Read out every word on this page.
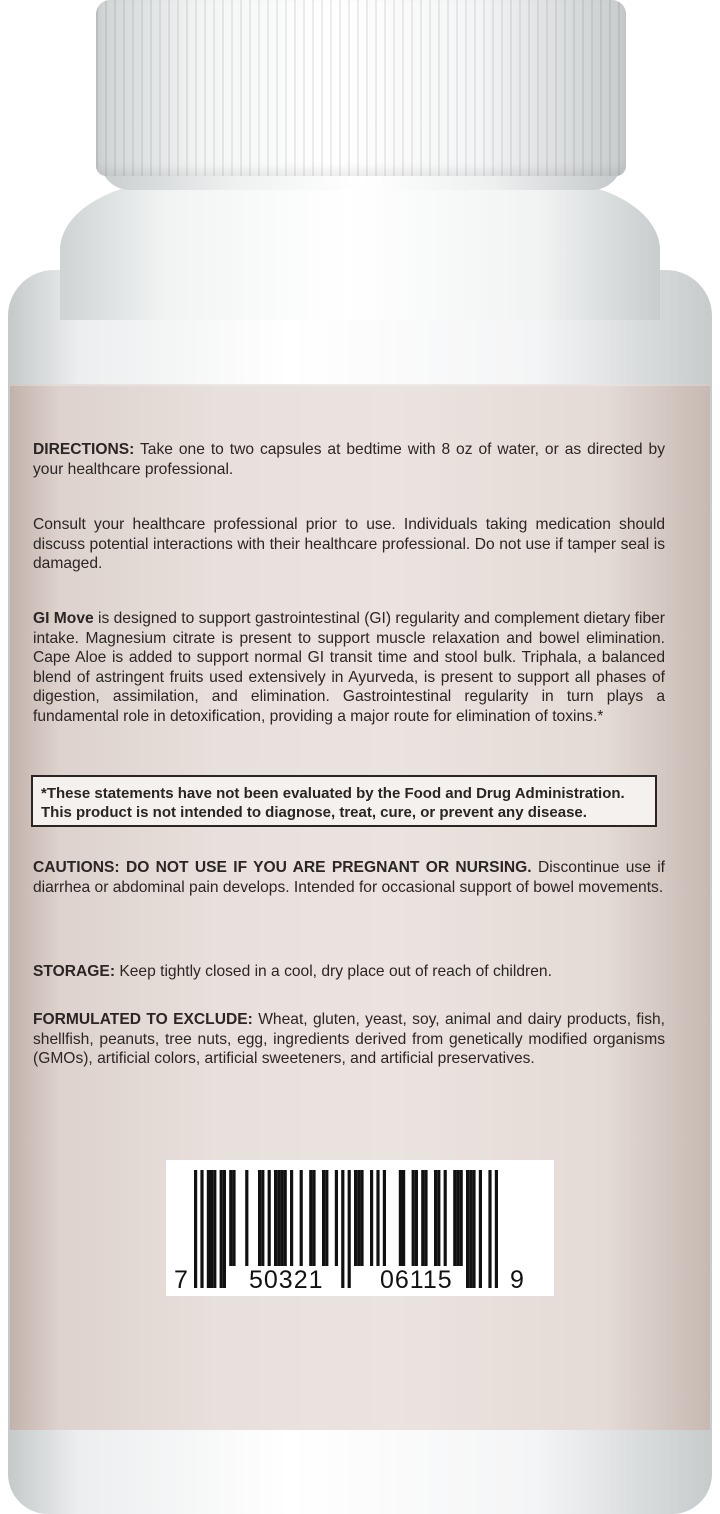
DIRECTIONS: Take one to two capsules at bedtime with 8 oz of water, or as directed by your healthcare professional.

Consult your healthcare professional prior to use. Individuals taking medication should discuss potential interactions with their healthcare professional. Do not use if tamper seal is damaged.

GI Move is designed to support gastrointestinal (GI) regularity and complement dietary fiber intake. Magnesium citrate is present to support muscle relaxation and bowel elimination. Cape Aloe is added to support normal GI transit time and stool bulk. Triphala, a balanced blend of astringent fruits used extensively in Ayurveda, is present to support all phases of digestion, assimilation, and elimination. Gastrointestinal regularity in turn plays a fundamental role in detoxification, providing a major route for elimination of toxins.*

*These statements have not been evaluated by the Food and Drug Administration. This product is not intended to diagnose, treat, cure, or prevent any disease.

CAUTIONS: DO NOT USE IF YOU ARE PREGNANT OR NURSING. Discontinue use if diarrhea or abdominal pain develops. Intended for occasional support of bowel movements.

STORAGE: Keep tightly closed in a cool, dry place out of reach of children.

FORMULATED TO EXCLUDE: Wheat, gluten, yeast, soy, animal and dairy products, fish, shellfish, peanuts, tree nuts, egg, ingredients derived from genetically modified organisms (GMOs), artificial colors, artificial sweeteners, and artificial preservatives.

7 50321 06115 9
